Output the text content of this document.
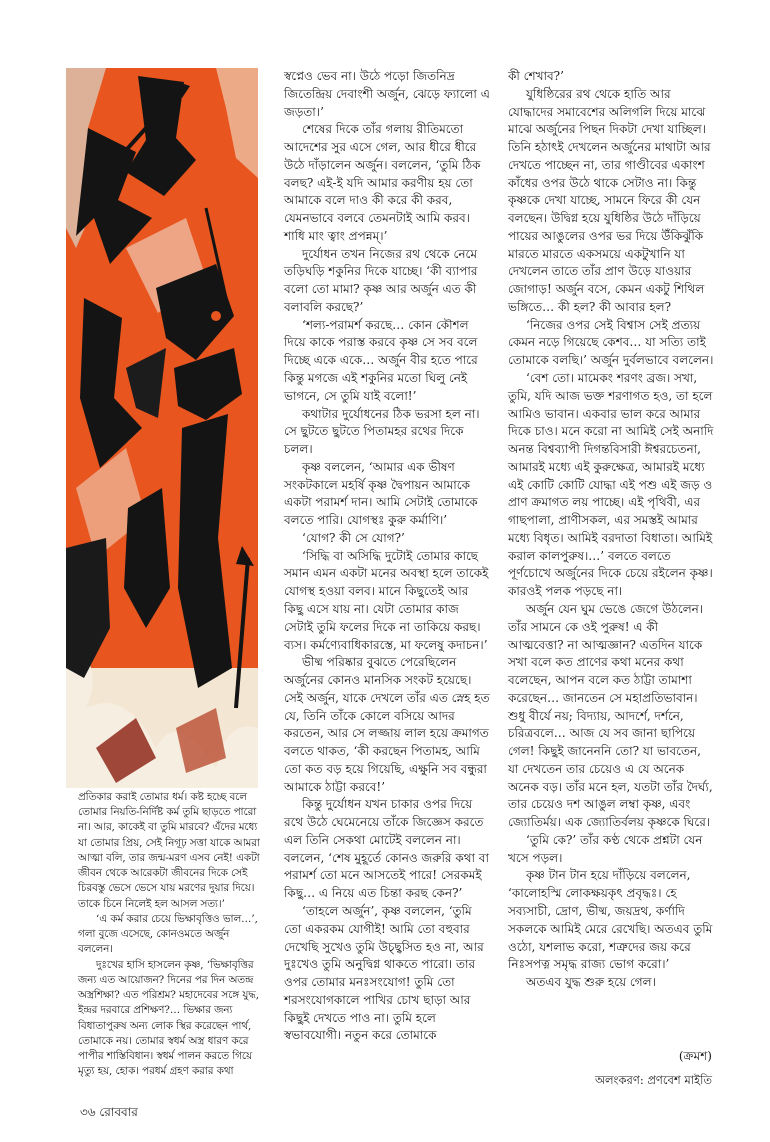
প্রতিকার করাই তোমার ধর্ম। কষ্ট হচ্ছে বলে তোমার নিয়তি-নির্দিষ্ট কর্ম তুমি ছাড়তে পারো না। আর, কাকেই বা তুমি মারবে? এঁদের মধ্যে যা তোমার প্রিয়, সেই নিগূঢ় সত্তা যাকে আমরা আত্মা বলি, তার জন্ম-মরণ এসব নেই! একটা জীবন থেকে আরেকটা জীবনের দিকে সেই চিরবস্তু ভেসে ভেসে যায় মরণের দুয়ার দিয়ে। তাকে চিনে নিলেই হল আসল সত্য।’

‘এ কর্ম করার চেয়ে ভিক্ষাবৃত্তিও ভাল…’, গলা বুজে এসেছে, কোনওমতে অর্জুন বললেন।

দুঃখের হাসি হাসলেন কৃষ্ণ, ‘ভিক্ষাবৃত্তির জন্য এত আয়োজন? দিনের পর দিন অতন্দ্র অস্ত্রশিক্ষা? এত পরিশ্রম? মহাদেবের সঙ্গে যুদ্ধ, ইন্দ্রর দরবারে প্রশিক্ষণ?… ভিক্ষার জন্য বিধাতাপুরুষ অন্য লোক স্থির করেছেন পার্থ, তোমাকে নয়। তোমার স্বধর্ম অস্ত্র ধারণ করে পাপীর শাস্তিবিধান। স্বধর্ম পালন করতে গিয়ে মৃত্যু হয়, হোক। পরধর্ম গ্রহণ করার কথা

স্বপ্নেও ভেব না। উঠে পড়ো জিতনিদ্র জিতেন্দ্রিয় দেবাংশী অর্জুন, ঝেড়ে ফ্যালো এ জড়তা।’

শেষের দিকে তাঁর গলায় রীতিমতো আদেশের সুর এসে গেল, আর ধীরে ধীরে উঠে দাঁড়ালেন অর্জুন। বললেন, ‘তুমি ঠিক বলছ? এই-ই যদি আমার করণীয় হয় তো আমাকে বলে দাও কী করে কী করব, যেমনভাবে বলবে তেমনটাই আমি করব। শাধি মাং ত্বাং প্রপন্নম্‌।’

দুর্যোধন তখন নিজের রথ থেকে নেমে তড়িঘড়ি শকুনির দিকে যাচ্ছে। ‘কী ব্যাপার বলো তো মামা? কৃষ্ণ আর অর্জুন এত কী বলাবলি করছে?’

‘শল্য-পরামর্শ করছে… কোন কৌশল দিয়ে কাকে পরাস্ত করবে কৃষ্ণ সে সব বলে দিচ্ছে একে একে… অর্জুন বীর হতে পারে কিন্তু মগজে এই শকুনির মতো ঘিলু নেই ভাগনে, সে তুমি যাই বলো!’

কথাটার দুর্যোধনের ঠিক ভরসা হল না। সে ছুটতে ছুটতে পিতামহর রথের দিকে চলল।

কৃষ্ণ বললেন, ‘আমার এক ভীষণ সংকটকালে মহর্ষি কৃষ্ণ দ্বৈপায়ন আমাকে একটা পরামর্শ দান। আমি সেটাই তোমাকে বলতে পারি। যোগস্থঃ কুরু কর্মাণি।’

‘যোগ? কী সে যোগ?’

‘সিদ্ধি বা অসিদ্ধি দুটোই তোমার কাছে সমান এমন একটা মনের অবস্থা হলে তাকেই যোগস্থ হওয়া বলব। মানে কিছুতেই আর কিছু এসে যায় না। যেটা তোমার কাজ সেটাই তুমি ফলের দিকে না তাকিয়ে করছ। ব্যস। কর্মণ্যেবাধিকারস্তে, মা ফলেষু কদাচন।’

ভীষ্ম পরিষ্কার বুঝতে পেরেছিলেন অর্জুনের কোনও মানসিক সংকট হয়েছে। সেই অর্জুন, যাকে দেখলে তাঁর এত স্নেহ হত যে, তিনি তাঁকে কোলে বসিয়ে আদর করতেন, আর সে লজ্জায় লাল হয়ে ক্রমাগত বলতে থাকত, ‘কী করছেন পিতামহ, আমি তো কত বড় হয়ে গিয়েছি, এক্ষুনি সব বন্ধুরা আমাকে ঠাট্টা করবে!’

কিন্তু দুর্যোধন যখন চাকার ওপর দিয়ে রথে উঠে ঘেমেনেয়ে তাঁকে জিজ্ঞেস করতে এল তিনি সেকথা মোটেই বললেন না। বললেন, ‘শেষ মুহূর্তে কোনও জরুরি কথা বা পরামর্শ তো মনে আসতেই পারে! সেরকমই কিছু… এ নিয়ে এত চিন্তা করছ কেন?’

‘তাহলে অর্জুন’, কৃষ্ণ বললেন, ‘তুমি তো একরকম যোগীই! আমি তো বহুবার দেখেছি সুখেও তুমি উচ্ছ্বসিত হও না, আর দুঃখেও তুমি অনুদ্বিগ্ন থাকতে পারো। তার ওপর তোমার মনঃসংযোগ! তুমি তো শরসংযোগকালে পাখির চোখ ছাড়া আর কিছুই দেখতে পাও না। তুমি হলে স্বভাবযোগী। নতুন করে তোমাকে

কী শেখাব?’

যুধিষ্ঠিরের রথ থেকে হাতি আর যোদ্ধাদের সমাবেশের অলিগলি দিয়ে মাঝে মাঝে অর্জুনের পিছন দিকটা দেখা যাচ্ছিল। তিনি হঠাৎই দেখলেন অর্জুনের মাথাটা আর দেখতে পাচ্ছেন না, তার গাণ্ডীবের একাংশ কাঁধের ওপর উঠে থাকে সেটাও না। কিন্তু কৃষ্ণকে দেখা যাচ্ছে, সামনে ফিরে কী যেন বলছেন। উদ্বিগ্ন হয়ে যুধিষ্ঠির উঠে দাঁড়িয়ে পায়ের আঙুলের ওপর ভর দিয়ে উঁকিঝুঁকি মারতে মারতে একসময়ে একটুখানি যা দেখলেন তাতে তাঁর প্রাণ উড়ে যাওয়ার জোগাড়! অর্জুন বসে, কেমন একটু শিথিল ভঙ্গিতে… কী হল? কী আবার হল?

‘নিজের ওপর সেই বিশ্বাস সেই প্রত্যয় কেমন নড়ে গিয়েছে কেশব… যা সত্যি তাই তোমাকে বলছি।’ অর্জুন দুর্বলভাবে বললেন।

‘বেশ তো। মামেকং শরণং ব্রজ। সখা, তুমি, যদি আজ ভক্ত শরণাগত হও, তা হলে আমিও ভাবান। একবার ভাল করে আমার দিকে চাও। মনে করো না আমিই সেই অনাদি অনন্ত বিশ্বব্যাপী দিগন্তবিসারী ঈশ্বরচেতনা, আমারই মধ্যে এই কুরুক্ষেত্র, আমারই মধ্যে এই কোটি কোটি যোদ্ধা এই পশু এই জড় ও প্রাণ ক্রমাগত লয় পাচ্ছে। এই পৃথিবী, এর গাছপালা, প্রাণীসকল, এর সমস্তই আমার মধ্যে বিধৃত। আমিই বরদাতা বিধাতা। আমিই করাল কালপুরুষ।…’ বলতে বলতে পূর্ণচোখে অর্জুনের দিকে চেয়ে রইলেন কৃষ্ণ। কারওই পলক পড়ছে না।

অর্জুন যেন ঘুম ভেঙে জেগে উঠলেন। তাঁর সামনে কে ওই পুরুষ! এ কী আত্মবেত্তা? না আত্মজ্ঞান? এতদিন যাকে সখা বলে কত প্রাণের কথা মনের কথা বলেছেন, আপন বলে কত ঠাট্টা তামাশা করেছেন… জানতেন সে মহাপ্রতিভাবান। শুধু বীর্যে নয়; বিদ্যায়, আদর্শে, দর্শনে, চরিত্রবলে… আজ যে সব জানা ছাপিয়ে গেল! কিছুই জানেননি তো? যা ভাবতেন, যা দেখতেন তার চেয়েও এ যে অনেক অনেক বড়। তাঁর মনে হল, যতটা তাঁর দৈর্ঘ্য, তার চেয়েও দশ আঙুল লম্বা কৃষ্ণ, এবং জ্যোতির্ময়। এক জ্যোতির্বলয় কৃষ্ণকে ঘিরে।

‘তুমি কে?’ তাঁর কণ্ঠ থেকে প্রশ্নটা যেন খসে পড়ল।

কৃষ্ণ টান টান হয়ে দাঁড়িয়ে বললেন, ‘কালোহস্মি লোকক্ষয়কৃৎ প্রবৃদ্ধঃ। হে সব্যসাচী, দ্রোণ, ভীষ্ম, জয়দ্রথ, কর্ণাদি সকলকে আমিই মেরে রেখেছি। অতএব তুমি ওঠো, যশলাভ করো, শত্রুদের জয় করে নিঃসপত্ন সমৃদ্ধ রাজ্য ভোগ করো।’

অতএব যুদ্ধ শুরু হয়ে গেল।

(ক্রমশ)
অলংকরণ: প্রণবেশ মাইতি
৩৬ রোববার
